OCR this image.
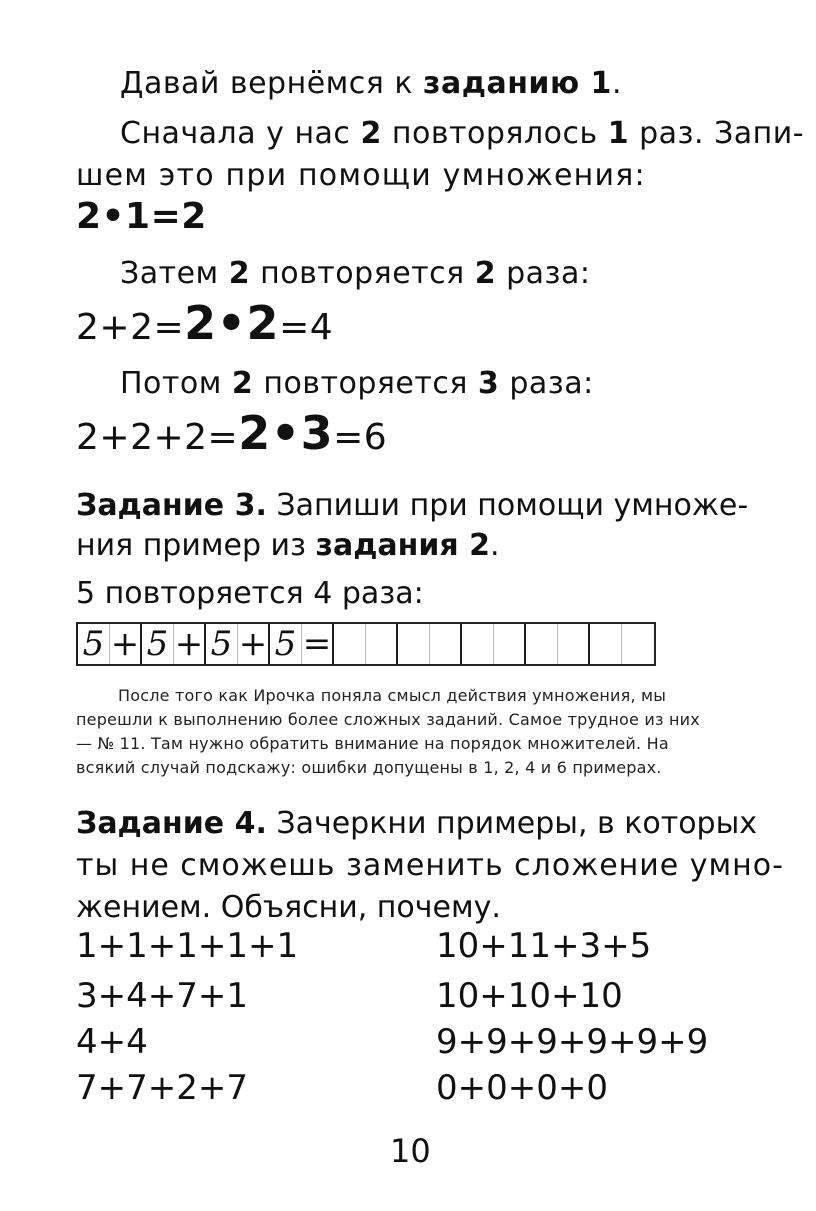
Давай вернёмся к заданию 1.
Сначала у нас 2 повторялось 1 раз. Запи-
шем это при помощи умножения:
2•1=2
Затем 2 повторяется 2 раза:
2+2=2•2=4
Потом 2 повторяется 3 раза:
2+2+2=2•3=6
Задание 3. Запиши при помощи умноже-
ния пример из задания 2.
5 повторяется 4 раза:
5 + 5 + 5 + 5 =
После того как Ирочка поняла смысл действия умножения, мы
перешли к выполнению более сложных заданий. Самое трудное из них
— № 11. Там нужно обратить внимание на порядок множителей. На
всякий случай подскажу: ошибки допущены в 1, 2, 4 и 6 примерах.
Задание 4. Зачеркни примеры, в которых
ты не сможешь заменить сложение умно-
жением. Объясни, почему.
1+1+1+1+1
3+4+7+1
4+4
7+7+2+7
10+11+3+5
10+10+10
9+9+9+9+9+9
0+0+0+0
10
